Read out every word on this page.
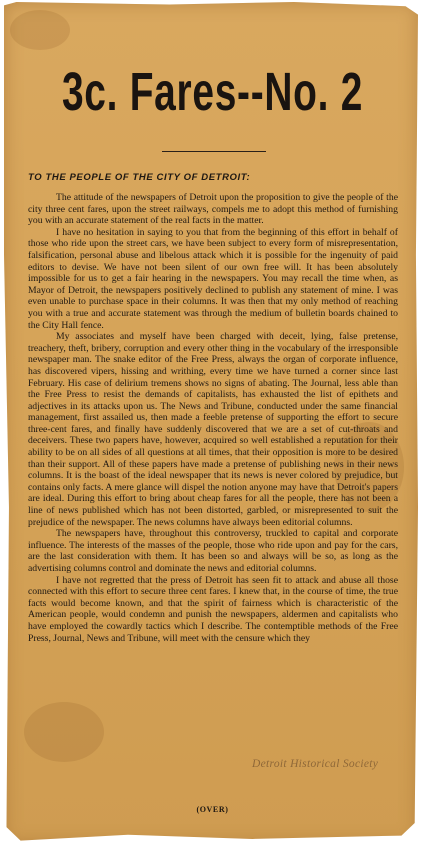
3c. Fares--No. 2
TO THE PEOPLE OF THE CITY OF DETROIT:

The attitude of the newspapers of Detroit upon the proposition to give the people of the city three cent fares, upon the street railways, compels me to adopt this method of furnishing you with an accurate statement of the real facts in the matter.

I have no hesitation in saying to you that from the beginning of this effort in behalf of those who ride upon the street cars, we have been subject to every form of misrepresentation, falsification, personal abuse and libelous attack which it is possible for the ingenuity of paid editors to devise. We have not been silent of our own free will. It has been absolutely impossible for us to get a fair hearing in the newspapers. You may recall the time when, as Mayor of Detroit, the newspapers positively declined to publish any statement of mine. I was even unable to purchase space in their columns. It was then that my only method of reaching you with a true and accurate statement was through the medium of bulletin boards chained to the City Hall fence.

My associates and myself have been charged with deceit, lying, false pretense, treachery, theft, bribery, corruption and every other thing in the vocabulary of the irresponsible newspaper man. The snake editor of the Free Press, always the organ of corporate influence, has discovered vipers, hissing and writhing, every time we have turned a corner since last February. His case of delirium tremens shows no signs of abating. The Journal, less able than the Free Press to resist the demands of capitalists, has exhausted the list of epithets and adjectives in its attacks upon us. The News and Tribune, conducted under the same financial management, first assailed us, then made a feeble pretense of supporting the effort to secure three-cent fares, and finally have suddenly discovered that we are a set of cut-throats and deceivers. These two papers have, however, acquired so well established a reputation for their ability to be on all sides of all questions at all times, that their opposition is more to be desired than their support. All of these papers have made a pretense of publishing news in their news columns. It is the boast of the ideal newspaper that its news is never colored by prejudice, but contains only facts. A mere glance will dispel the notion anyone may have that Detroit's papers are ideal. During this effort to bring about cheap fares for all the people, there has not been a line of news published which has not been distorted, garbled, or misrepresented to suit the prejudice of the newspaper. The news columns have always been editorial columns.

The newspapers have, throughout this controversy, truckled to capital and corporate influence. The interests of the masses of the people, those who ride upon and pay for the cars, are the last consideration with them. It has been so and always will be so, as long as the advertising columns control and dominate the news and editorial columns.

I have not regretted that the press of Detroit has seen fit to attack and abuse all those connected with this effort to secure three cent fares. I knew that, in the course of time, the true facts would become known, and that the spirit of fairness which is characteristic of the American people, would condemn and punish the newspapers, aldermen and capitalists who have employed the cowardly tactics which I describe. The contemptible methods of the Free Press, Journal, News and Tribune, will meet with the censure which they

Detroit Historical Society
(OVER)
